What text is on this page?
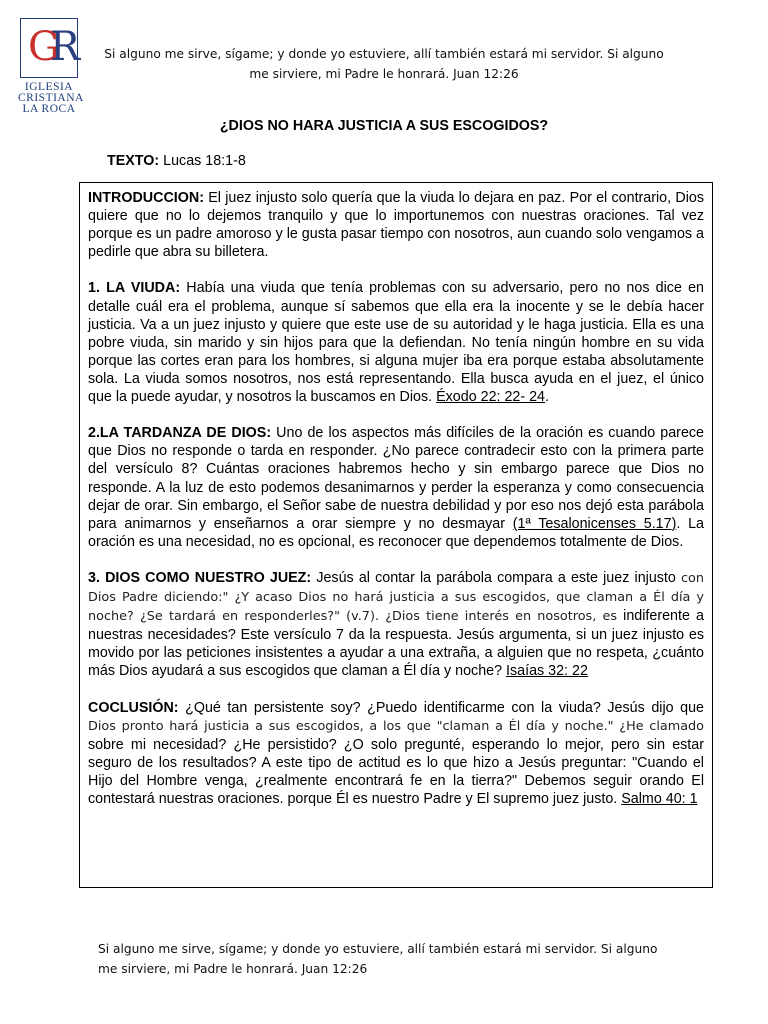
GR
IGLESIA
CRISTIANA
LA ROCA
Si alguno me sirve, sígame; y donde yo estuviere, allí también estará mi servidor. Si alguno
me sirviere, mi Padre le honrará. Juan 12:26
¿DIOS NO HARA JUSTICIA A SUS ESCOGIDOS?
TEXTO: Lucas 18:1-8

INTRODUCCION: El juez injusto solo quería que la viuda lo dejara en paz. Por el contrario, Dios quiere que no lo dejemos tranquilo y que lo importunemos con nuestras oraciones. Tal vez porque es un padre amoroso y le gusta pasar tiempo con nosotros, aun cuando solo vengamos a pedirle que abra su billetera.

1. LA VIUDA: Había una viuda que tenía problemas con su adversario, pero no nos dice en detalle cuál era el problema, aunque sí sabemos que ella era la inocente y se le debía hacer justicia. Va a un juez injusto y quiere que este use de su autoridad y le haga justicia. Ella es una pobre viuda, sin marido y sin hijos para que la defiendan. No tenía ningún hombre en su vida porque las cortes eran para los hombres, si alguna mujer iba era porque estaba absolutamente sola. La viuda somos nosotros, nos está representando. Ella busca ayuda en el juez, el único que la puede ayudar, y nosotros la buscamos en Dios. Éxodo 22: 22- 24.

2.LA TARDANZA DE DIOS: Uno de los aspectos más difíciles de la oración es cuando parece que Dios no responde o tarda en responder. ¿No parece contradecir esto con la primera parte del versículo 8? Cuántas oraciones habremos hecho y sin embargo parece que Dios no responde. A la luz de esto podemos desanimarnos y perder la esperanza y como consecuencia dejar de orar. Sin embargo, el Señor sabe de nuestra debilidad y por eso nos dejó esta parábola para animarnos y enseñarnos a orar siempre y no desmayar (1ª Tesalonicenses 5.17). La oración es una necesidad, no es opcional, es reconocer que dependemos totalmente de Dios.

3. DIOS COMO NUESTRO JUEZ: Jesús al contar la parábola compara a este juez injusto con Dios Padre diciendo:" ¿Y acaso Dios no hará justicia a sus escogidos, que claman a Él día y noche? ¿Se tardará en responderles?" (v.7). ¿Dios tiene interés en nosotros, es indiferente a nuestras necesidades? Este versículo 7 da la respuesta. Jesús argumenta, si un juez injusto es movido por las peticiones insistentes a ayudar a una extraña, a alguien que no respeta, ¿cuánto más Dios ayudará a sus escogidos que claman a Él día y noche? Isaías 32: 22

COCLUSIÓN: ¿Qué tan persistente soy? ¿Puedo identificarme con la viuda? Jesús dijo que Dios pronto hará justicia a sus escogidos, a los que "claman a Él día y noche." ¿He clamado sobre mi necesidad? ¿He persistido? ¿O solo pregunté, esperando lo mejor, pero sin estar seguro de los resultados? A este tipo de actitud es lo que hizo a Jesús preguntar: "Cuando el Hijo del Hombre venga, ¿realmente encontrará fe en la tierra?" Debemos seguir orando El contestará nuestras oraciones. porque Él es nuestro Padre y El supremo juez justo. Salmo 40: 1

Si alguno me sirve, sígame; y donde yo estuviere, allí también estará mi servidor. Si alguno
me sirviere, mi Padre le honrará. Juan 12:26
